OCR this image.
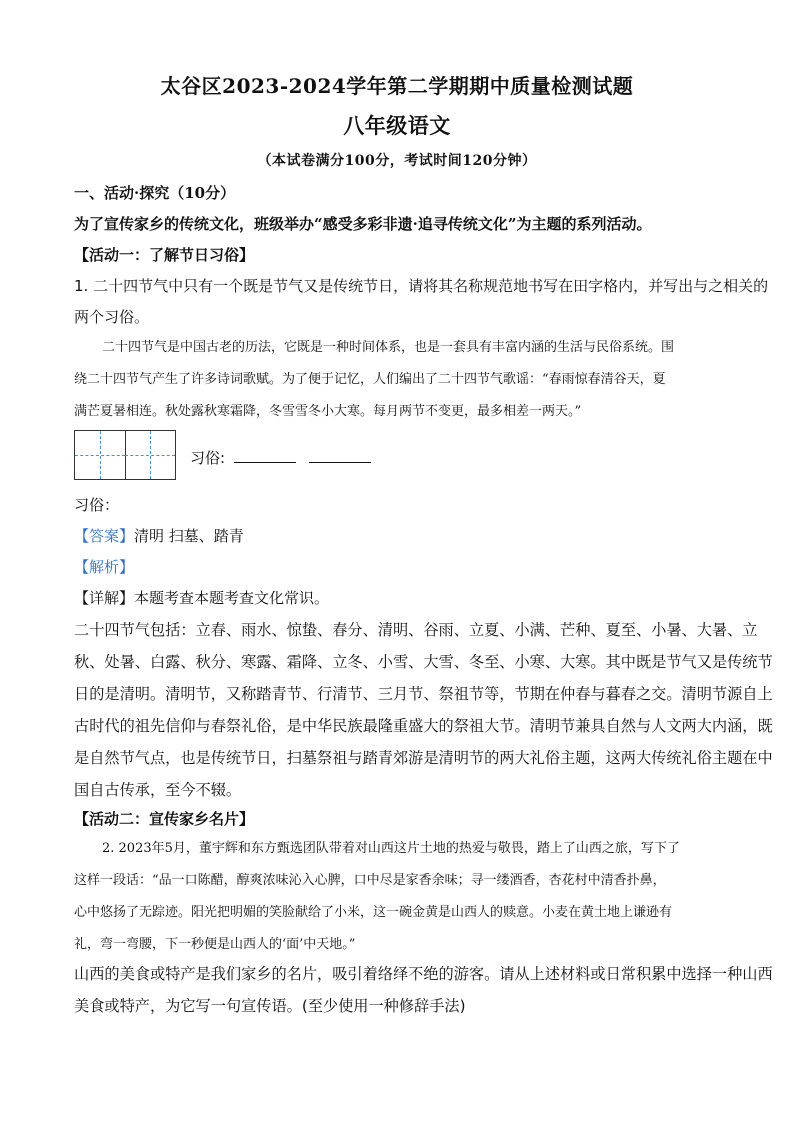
太谷区2023-2024学年第二学期期中质量检测试题
八年级语文
（本试卷满分100分，考试时间120分钟）
一、活动·探究（10分）
为了宣传家乡的传统文化，班级举办“感受多彩非遗·追寻传统文化”为主题的系列活动。
【活动一：了解节日习俗】
1. 二十四节气中只有一个既是节气又是传统节日，请将其名称规范地书写在田字格内，并写出与之相关的
两个习俗。
二十四节气是中国古老的历法，它既是一种时间体系，也是一套具有丰富内涵的生活与民俗系统。围
绕二十四节气产生了许多诗词歌赋。为了便于记忆，人们编出了二十四节气歌谣：“春雨惊春清谷天，夏
满芒夏暑相连。秋处露秋寒霜降，冬雪雪冬小大寒。每月两节不变更，最多相差一两天。”
习俗:
习俗：
【答案】清明 扫墓、踏青
【解析】
【详解】本题考查本题考查文化常识。
二十四节气包括：立春、雨水、惊蛰、春分、清明、谷雨、立夏、小满、芒种、夏至、小暑、大暑、立
秋、处暑、白露、秋分、寒露、霜降、立冬、小雪、大雪、冬至、小寒、大寒。其中既是节气又是传统节
日的是清明。清明节，又称踏青节、行清节、三月节、祭祖节等，节期在仲春与暮春之交。清明节源自上
古时代的祖先信仰与春祭礼俗，是中华民族最隆重盛大的祭祖大节。清明节兼具自然与人文两大内涵，既
是自然节气点，也是传统节日，扫墓祭祖与踏青郊游是清明节的两大礼俗主题，这两大传统礼俗主题在中
国自古传承，至今不辍。
【活动二：宣传家乡名片】
2. 2023年5月，董宇辉和东方甄选团队带着对山西这片土地的热爱与敬畏，踏上了山西之旅，写下了
这样一段话：“品一口陈醋，醇爽浓味沁入心脾，口中尽是家香余味；寻一缕酒香，杏花村中清香扑鼻，
心中悠扬了无踪迹。阳光把明媚的笑脸献给了小米，这一碗金黄是山西人的赎意。小麦在黄土地上谦逊有
礼，弯一弯腰，下一秒便是山西人的‘面’中天地。”
山西的美食或特产是我们家乡的名片，吸引着络绎不绝的游客。请从上述材料或日常积累中选择一种山西
美食或特产，为它写一句宣传语。(至少使用一种修辞手法)
